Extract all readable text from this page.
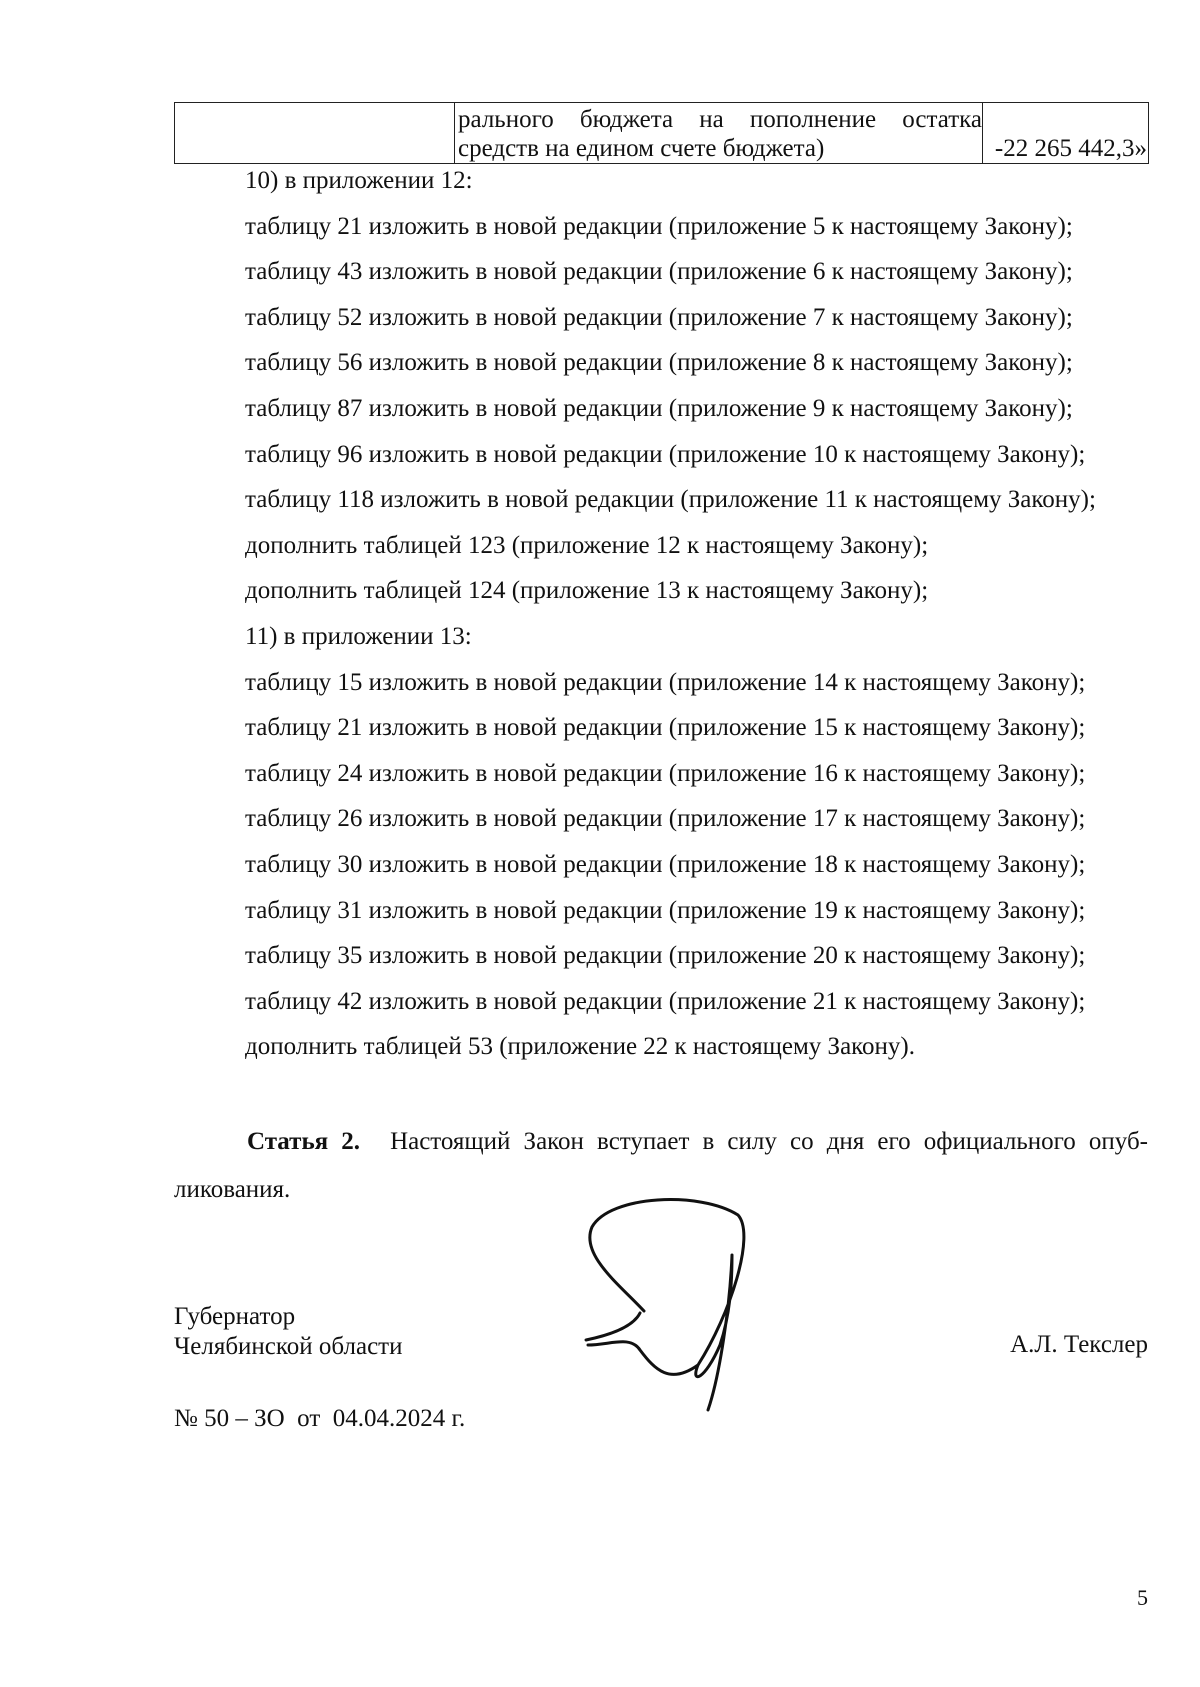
рального бюджета на пополнение остатка
средств на едином счете бюджета)	-22 265 442,3»
10) в приложении 12:
таблицу 21 изложить в новой редакции (приложение 5 к настоящему Закону);
таблицу 43 изложить в новой редакции (приложение 6 к настоящему Закону);
таблицу 52 изложить в новой редакции (приложение 7 к настоящему Закону);
таблицу 56 изложить в новой редакции (приложение 8 к настоящему Закону);
таблицу 87 изложить в новой редакции (приложение 9 к настоящему Закону);
таблицу 96 изложить в новой редакции (приложение 10 к настоящему Закону);
таблицу 118 изложить в новой редакции (приложение 11 к настоящему Закону);
дополнить таблицей 123 (приложение 12 к настоящему Закону);
дополнить таблицей 124 (приложение 13 к настоящему Закону);
11) в приложении 13:
таблицу 15 изложить в новой редакции (приложение 14 к настоящему Закону);
таблицу 21 изложить в новой редакции (приложение 15 к настоящему Закону);
таблицу 24 изложить в новой редакции (приложение 16 к настоящему Закону);
таблицу 26 изложить в новой редакции (приложение 17 к настоящему Закону);
таблицу 30 изложить в новой редакции (приложение 18 к настоящему Закону);
таблицу 31 изложить в новой редакции (приложение 19 к настоящему Закону);
таблицу 35 изложить в новой редакции (приложение 20 к настоящему Закону);
таблицу 42 изложить в новой редакции (приложение 21 к настоящему Закону);
дополнить таблицей 53 (приложение 22 к настоящему Закону).
Статья 2. Настоящий Закон вступает в силу со дня его официального опуб-
ликования.
Губернатор
Челябинской области	А.Л. Текслер
№ 50 – ЗО  от  04.04.2024 г.
5
